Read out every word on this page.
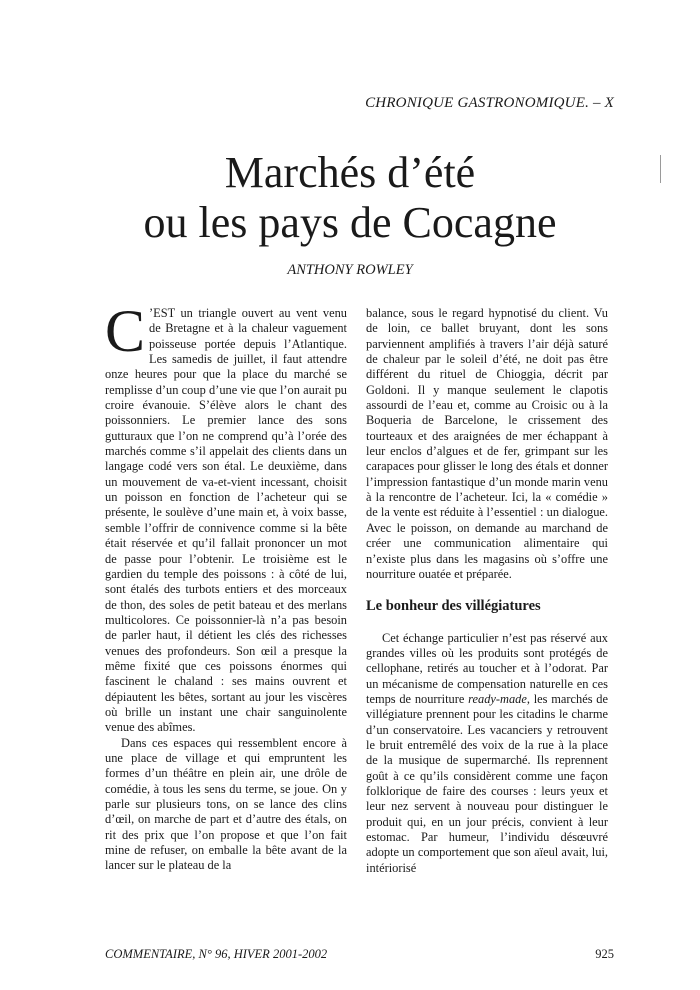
CHRONIQUE GASTRONOMIQUE. – X
Marchés d’été
ou les pays de Cocagne
ANTHONY ROWLEY

C ’EST un triangle ouvert au vent venu de Bretagne et à la chaleur vaguement poisseuse portée depuis l’Atlantique. Les samedis de juillet, il faut attendre onze heures pour que la place du marché se remplisse d’un coup d’une vie que l’on aurait pu croire évanouie. S’élève alors le chant des poissonniers. Le premier lance des sons gutturaux que l’on ne comprend qu’à l’orée des marchés comme s’il appelait des clients dans un langage codé vers son étal. Le deuxième, dans un mouvement de va-et-vient incessant, choisit un poisson en fonction de l’acheteur qui se présente, le soulève d’une main et, à voix basse, semble l’offrir de connivence comme si la bête était réservée et qu’il fallait prononcer un mot de passe pour l’obtenir. Le troisième est le gardien du temple des poissons : à côté de lui, sont étalés des turbots entiers et des morceaux de thon, des soles de petit bateau et des merlans multicolores. Ce poissonnier-là n’a pas besoin de parler haut, il détient les clés des richesses venues des profondeurs. Son œil a presque la même fixité que ces poissons énormes qui fascinent le chaland : ses mains ouvrent et dépiautent les bêtes, sortant au jour les viscères où brille un instant une chair sanguinolente venue des abîmes.

Dans ces espaces qui ressemblent encore à une place de village et qui empruntent les formes d’un théâtre en plein air, une drôle de comédie, à tous les sens du terme, se joue. On y parle sur plusieurs tons, on se lance des clins d’œil, on marche de part et d’autre des étals, on rit des prix que l’on propose et que l’on fait mine de refuser, on emballe la bête avant de la lancer sur le plateau de la

balance, sous le regard hypnotisé du client. Vu de loin, ce ballet bruyant, dont les sons parviennent amplifiés à travers l’air déjà saturé de chaleur par le soleil d’été, ne doit pas être différent du rituel de Chioggia, décrit par Goldoni. Il y manque seulement le clapotis assourdi de l’eau et, comme au Croisic ou à la Boqueria de Barcelone, le crissement des tourteaux et des araignées de mer échappant à leur enclos d’algues et de fer, grimpant sur les carapaces pour glisser le long des étals et donner l’impression fantastique d’un monde marin venu à la rencontre de l’acheteur. Ici, la « comédie » de la vente est réduite à l’essentiel : un dialogue. Avec le poisson, on demande au marchand de créer une communication alimentaire qui n’existe plus dans les magasins où s’offre une nourriture ouatée et préparée.

Le bonheur des villégiatures

Cet échange particulier n’est pas réservé aux grandes villes où les produits sont protégés de cellophane, retirés au toucher et à l’odorat. Par un mécanisme de compensation naturelle en ces temps de nourriture ready-made, les marchés de villégiature prennent pour les citadins le charme d’un conservatoire. Les vacanciers y retrouvent le bruit entremêlé des voix de la rue à la place de la musique de supermarché. Ils reprennent goût à ce qu’ils considèrent comme une façon folklorique de faire des courses : leurs yeux et leur nez servent à nouveau pour distinguer le produit qui, en un jour précis, convient à leur estomac. Par humeur, l’individu désœuvré adopte un comportement que son aïeul avait, lui, intériorisé

COMMENTAIRE, N° 96, HIVER 2001-2002	925
